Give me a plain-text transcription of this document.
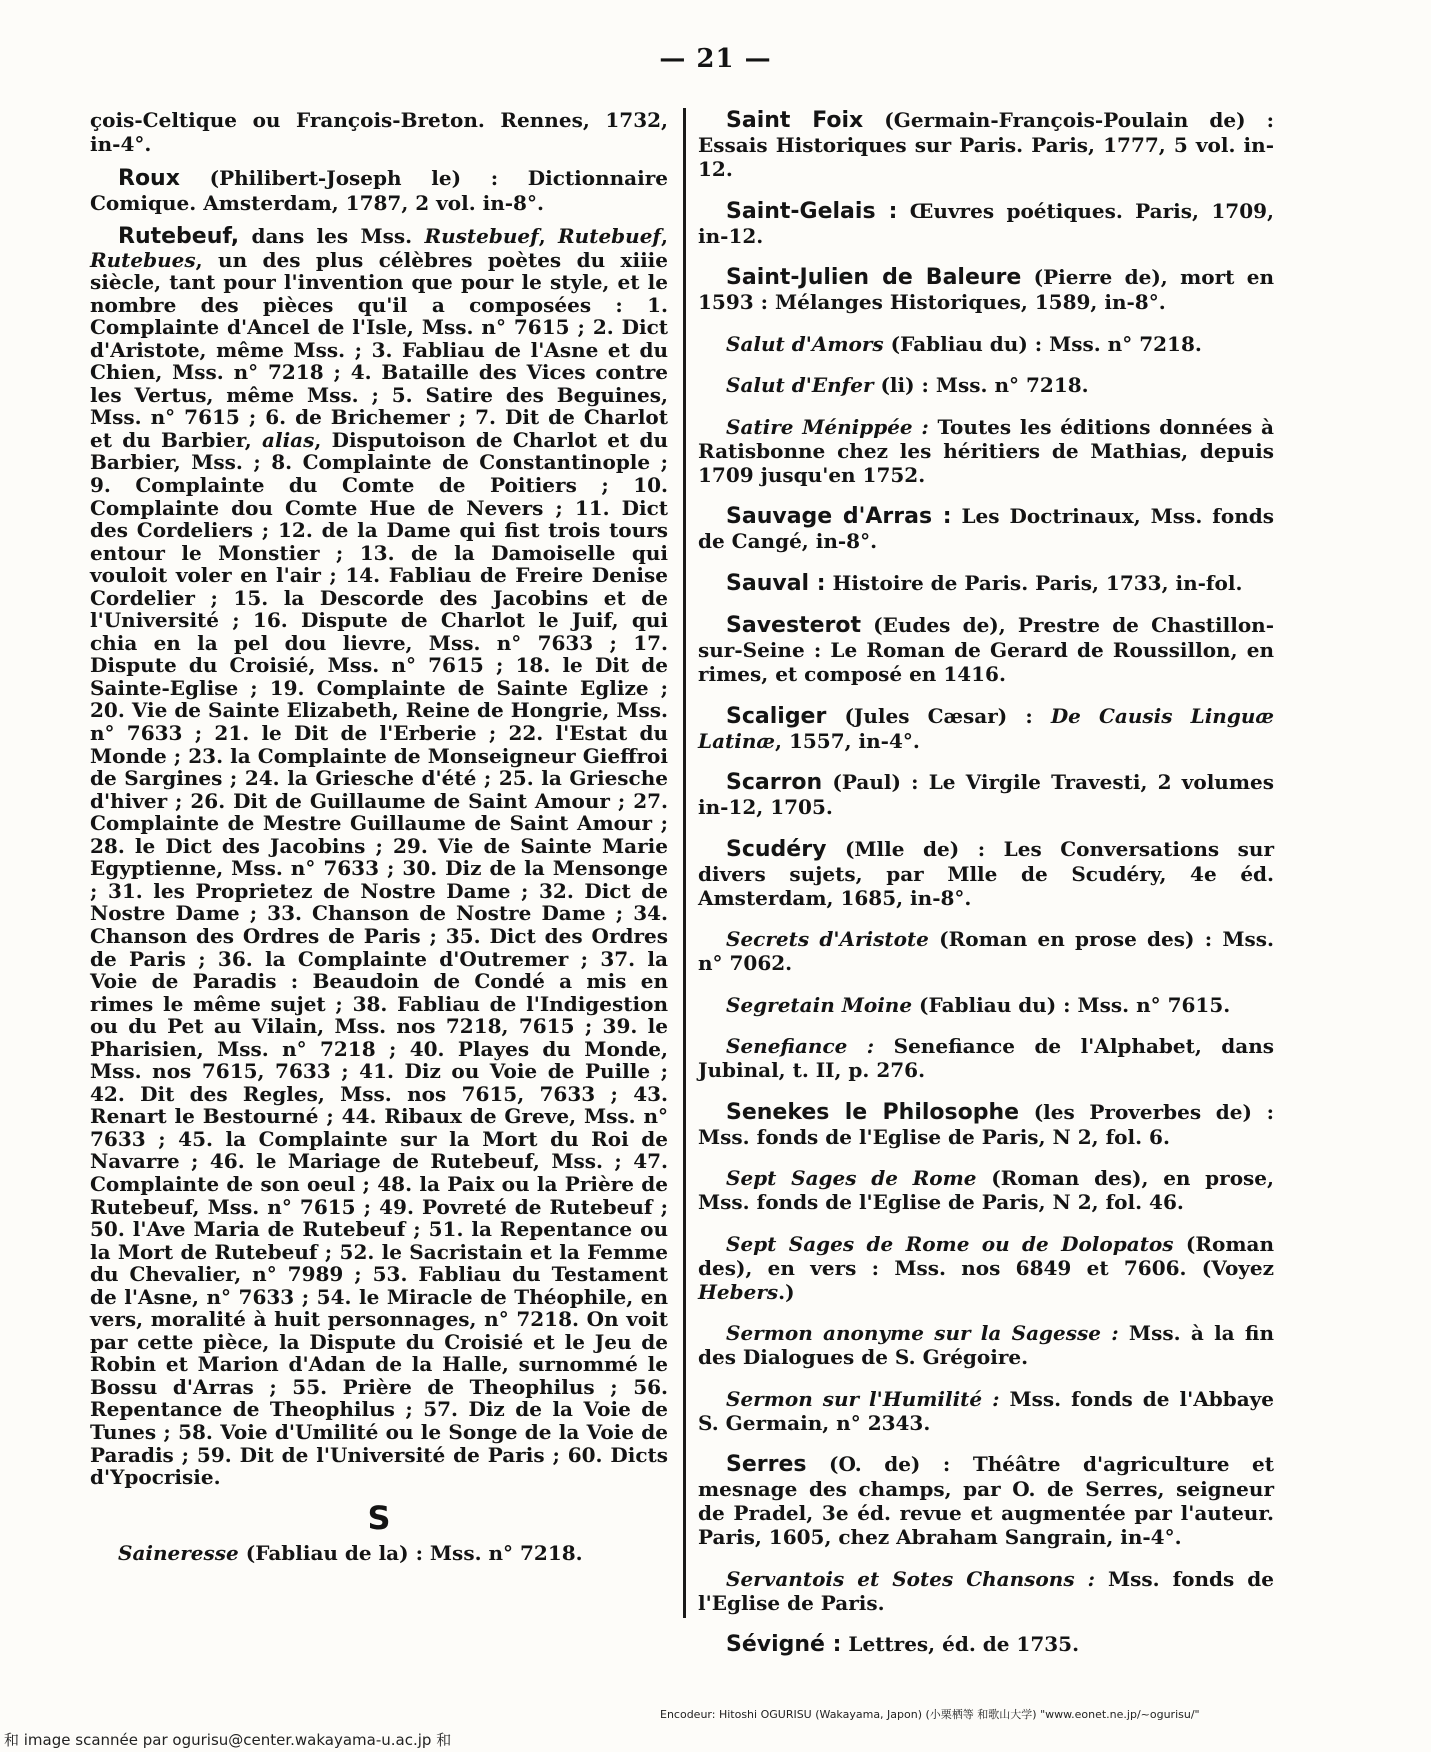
— 21 —

çois-Celtique ou François-Breton. Rennes, 1732, in-4°.

Roux (Philibert-Joseph le) : Dictionnaire Comique. Amsterdam, 1787, 2 vol. in-8°.

Rutebeuf, dans les Mss. Rustebuef, Rutebuef, Rutebues, un des plus célèbres poètes du xiiie siècle, tant pour l'invention que pour le style, et le nombre des pièces qu'il a composées : 1. Complainte d'Ancel de l'Isle, Mss. n° 7615 ; 2. Dict d'Aristote, même Mss. ; 3. Fabliau de l'Asne et du Chien, Mss. n° 7218 ; 4. Bataille des Vices contre les Vertus, même Mss. ; 5. Satire des Beguines, Mss. n° 7615 ; 6. de Brichemer ; 7. Dit de Charlot et du Barbier, alias, Disputoison de Charlot et du Barbier, Mss. ; 8. Complainte de Constantinople ; 9. Complainte du Comte de Poitiers ; 10. Complainte dou Comte Hue de Nevers ; 11. Dict des Cordeliers ; 12. de la Dame qui fist trois tours entour le Monstier ; 13. de la Damoiselle qui vouloit voler en l'air ; 14. Fabliau de Freire Denise Cordelier ; 15. la Descorde des Jacobins et de l'Université ; 16. Dispute de Charlot le Juif, qui chia en la pel dou lievre, Mss. n° 7633 ; 17. Dispute du Croisié, Mss. n° 7615 ; 18. le Dit de Sainte-Eglise ; 19. Complainte de Sainte Eglize ; 20. Vie de Sainte Elizabeth, Reine de Hongrie, Mss. n° 7633 ; 21. le Dit de l'Erberie ; 22. l'Estat du Monde ; 23. la Complainte de Monseigneur Gieffroi de Sargines ; 24. la Griesche d'été ; 25. la Griesche d'hiver ; 26. Dit de Guillaume de Saint Amour ; 27. Complainte de Mestre Guillaume de Saint Amour ; 28. le Dict des Jacobins ; 29. Vie de Sainte Marie Egyptienne, Mss. n° 7633 ; 30. Diz de la Mensonge ; 31. les Proprietez de Nostre Dame ; 32. Dict de Nostre Dame ; 33. Chanson de Nostre Dame ; 34. Chanson des Ordres de Paris ; 35. Dict des Ordres de Paris ; 36. la Complainte d'Outremer ; 37. la Voie de Paradis : Beaudoin de Condé a mis en rimes le même sujet ; 38. Fabliau de l'Indigestion ou du Pet au Vilain, Mss. nos 7218, 7615 ; 39. le Pharisien, Mss. n° 7218 ; 40. Playes du Monde, Mss. nos 7615, 7633 ; 41. Diz ou Voie de Puille ; 42. Dit des Regles, Mss. nos 7615, 7633 ; 43. Renart le Bestourné ; 44. Ribaux de Greve, Mss. n° 7633 ; 45. la Complainte sur la Mort du Roi de Navarre ; 46. le Mariage de Rutebeuf, Mss. ; 47. Complainte de son oeul ; 48. la Paix ou la Prière de Rutebeuf, Mss. n° 7615 ; 49. Povreté de Rutebeuf ; 50. l'Ave Maria de Rutebeuf ; 51. la Repentance ou la Mort de Rutebeuf ; 52. le Sacristain et la Femme du Chevalier, n° 7989 ; 53. Fabliau du Testament de l'Asne, n° 7633 ; 54. le Miracle de Théophile, en vers, moralité à huit personnages, n° 7218. On voit par cette pièce, la Dispute du Croisié et le Jeu de Robin et Marion d'Adan de la Halle, surnommé le Bossu d'Arras ; 55. Prière de Theophilus ; 56. Repentance de Theophilus ; 57. Diz de la Voie de Tunes ; 58. Voie d'Umilité ou le Songe de la Voie de Paradis ; 59. Dit de l'Université de Paris ; 60. Dicts d'Ypocrisie.

S

Saineresse (Fabliau de la) : Mss. n° 7218.

Saint Foix (Germain-François-Poulain de) : Essais Historiques sur Paris. Paris, 1777, 5 vol. in-12.

Saint-Gelais : Œuvres poétiques. Paris, 1709, in-12.

Saint-Julien de Baleure (Pierre de), mort en 1593 : Mélanges Historiques, 1589, in-8°.

Salut d'Amors (Fabliau du) : Mss. n° 7218.

Salut d'Enfer (li) : Mss. n° 7218.

Satire Ménippée : Toutes les éditions données à Ratisbonne chez les héritiers de Mathias, depuis 1709 jusqu'en 1752.

Sauvage d'Arras : Les Doctrinaux, Mss. fonds de Cangé, in-8°.

Sauval : Histoire de Paris. Paris, 1733, in-fol.

Savesterot (Eudes de), Prestre de Chastillon-sur-Seine : Le Roman de Gerard de Roussillon, en rimes, et composé en 1416.

Scaliger (Jules Cæsar) : De Causis Linguæ Latinæ, 1557, in-4°.

Scarron (Paul) : Le Virgile Travesti, 2 volumes in-12, 1705.

Scudéry (Mlle de) : Les Conversations sur divers sujets, par Mlle de Scudéry, 4e éd. Amsterdam, 1685, in-8°.

Secrets d'Aristote (Roman en prose des) : Mss. n° 7062.

Segretain Moine (Fabliau du) : Mss. n° 7615.

Senefiance : Senefiance de l'Alphabet, dans Jubinal, t. II, p. 276.

Senekes le Philosophe (les Proverbes de) : Mss. fonds de l'Eglise de Paris, N 2, fol. 6.

Sept Sages de Rome (Roman des), en prose, Mss. fonds de l'Eglise de Paris, N 2, fol. 46.

Sept Sages de Rome ou de Dolopatos (Roman des), en vers : Mss. nos 6849 et 7606. (Voyez Hebers.)

Sermon anonyme sur la Sagesse : Mss. à la fin des Dialogues de S. Grégoire.

Sermon sur l'Humilité : Mss. fonds de l'Abbaye S. Germain, n° 2343.

Serres (O. de) : Théâtre d'agriculture et mesnage des champs, par O. de Serres, seigneur de Pradel, 3e éd. revue et augmentée par l'auteur. Paris, 1605, chez Abraham Sangrain, in-4°.

Servantois et Sotes Chansons : Mss. fonds de l'Eglise de Paris.

Sévigné : Lettres, éd. de 1735.

Encodeur: Hitoshi OGURISU (Wakayama, Japon) (小栗栖等 和歌山大学) "www.eonet.ne.jp/~ogurisu/"
和 image scannée par ogurisu@center.wakayama-u.ac.jp 和
